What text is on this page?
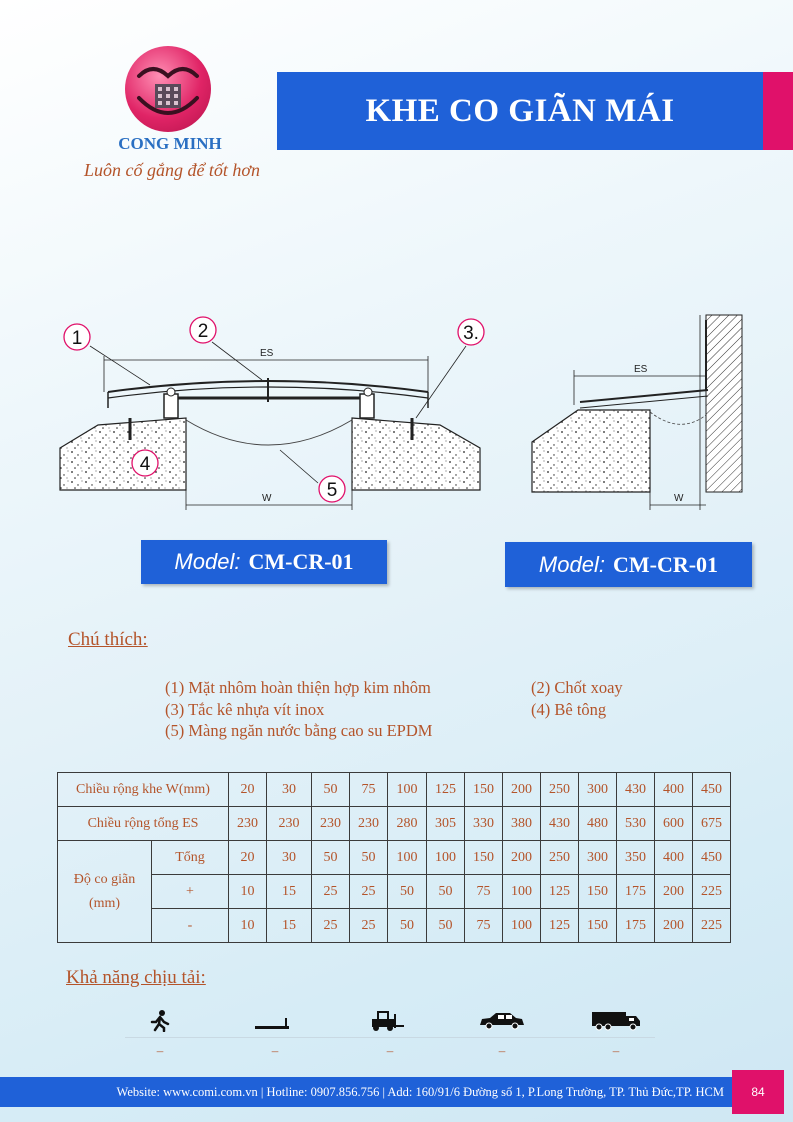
CONG MINH
Luôn cố gắng để tốt hơn
KHE CO GIÃN MÁI
ES
W
1	2	3.
4
5
ES
W
Model: CM-CR-01	Model: CM-CR-01
Chú thích:
(1) Mặt nhôm hoàn thiện hợp kim nhôm	(2) Chốt xoay
(3) Tắc kê nhựa vít inox	(4) Bê tông
(5) Màng ngăn nước bằng cao su EPDM
Chiều rộng khe W(mm)		20	30	50	75	100	125	150	200	250	300	430	400	450
Chiều rộng tổng ES		230	230	230	230	280	305	330	380	430	480	530	600	675
Độ co giãn
(mm)	Tổng	20	30	50	50	100	100	150	200	250	300	350	400	450
	+	10	15	25	25	50	50	75	100	125	150	175	200	225
	-	10	15	25	25	50	50	75	100	125	150	175	200	225
Khả năng chịu tải:
–	–	–	–	–
Website: www.comi.com.vn | Hotline: 0907.856.756 | Add: 160/91/6 Đường số 1, P.Long Trường, TP. Thủ Đức,TP. HCM	84
